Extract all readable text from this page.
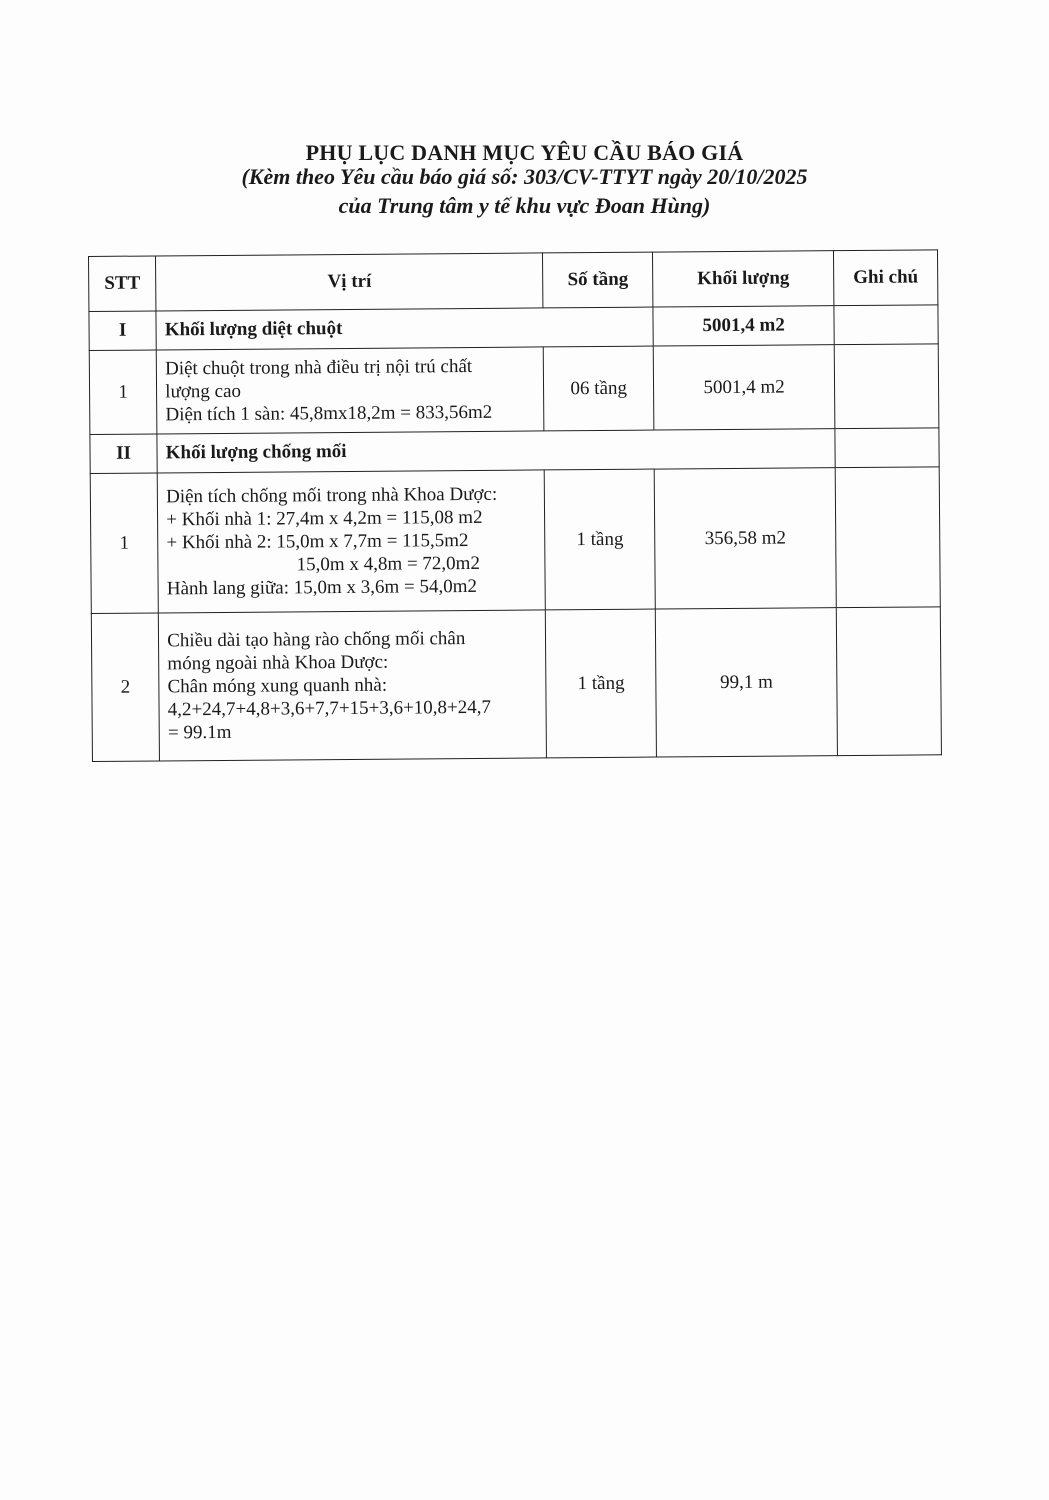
PHỤ LỤC DANH MỤC YÊU CẦU BÁO GIÁ
(Kèm theo Yêu cầu báo giá số: 303/CV-TTYT ngày 20/10/2025
của Trung tâm y tế khu vực Đoan Hùng)
STT	Vị trí	Số tầng	Khối lượng	Ghi chú
I	Khối lượng diệt chuột		5001,4 m2	
1	Diệt chuột trong nhà điều trị nội trú chất
lượng cao
Diện tích 1 sàn: 45,8mx18,2m = 833,56m2	06 tầng	5001,4 m2	
II	Khối lượng chống mối			
1	Diện tích chống mối trong nhà Khoa Dược:
+ Khối nhà 1: 27,4m x 4,2m = 115,08 m2
+ Khối nhà 2: 15,0m x 7,7m = 115,5m2
15,0m x 4,8m = 72,0m2
Hành lang giữa: 15,0m x 3,6m = 54,0m2	1 tầng	356,58 m2	
2	Chiều dài tạo hàng rào chống mối chân
móng ngoài nhà Khoa Dược:
Chân móng xung quanh nhà:
4,2+24,7+4,8+3,6+7,7+15+3,6+10,8+24,7
= 99.1m	1 tầng	99,1 m	
